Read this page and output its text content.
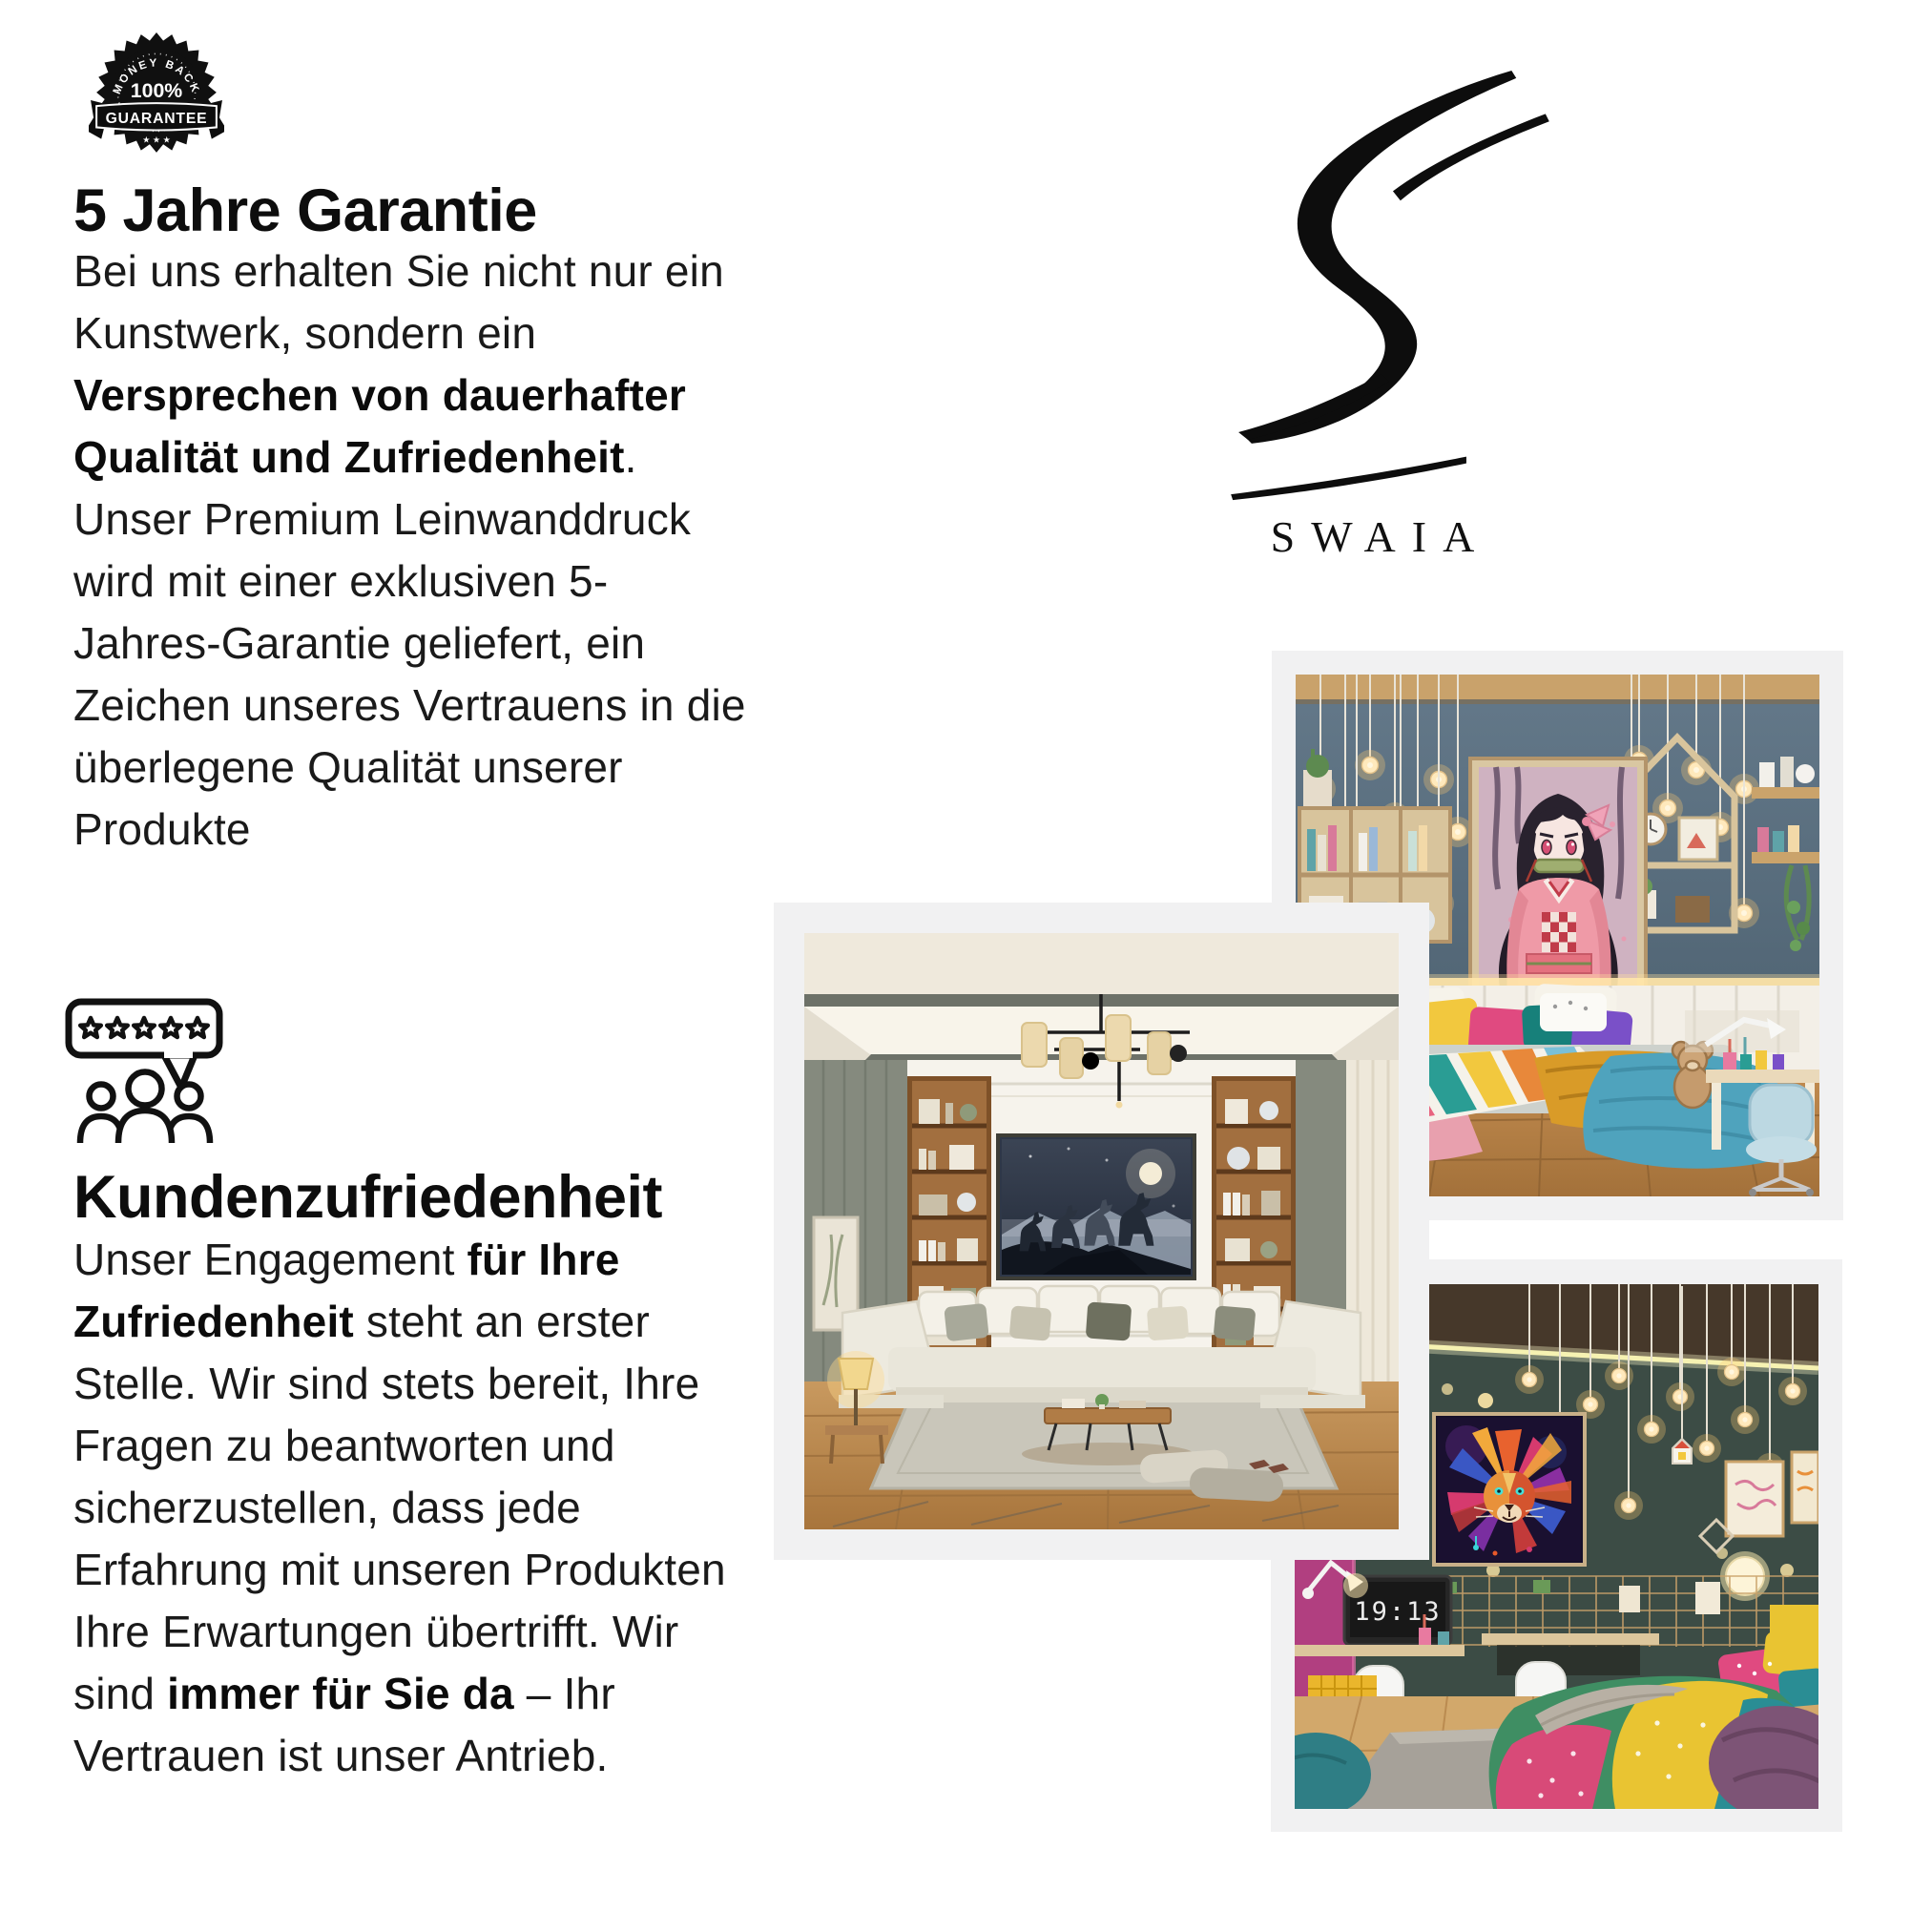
MONEY BACK
100%
GUARANTEE
★ ★ ★
5 Jahre Garantie

Bei uns erhalten Sie nicht nur ein Kunstwerk, sondern ein Versprechen von dauerhafter Qualität und Zufriedenheit. Unser Premium Leinwanddruck wird mit einer exklusiven 5-Jahres-Garantie geliefert, ein Zeichen unseres Vertrauens in die überlegene Qualität unserer Produkte

Kundenzufriedenheit

Unser Engagement für Ihre Zufriedenheit steht an erster Stelle. Wir sind stets bereit, Ihre Fragen zu beantworten und sicherzustellen, dass jede Erfahrung mit unseren Produkten Ihre Erwartungen übertrifft. Wir sind immer für Sie da – Ihr Vertrauen ist unser Antrieb.

SWAIA
19:13
